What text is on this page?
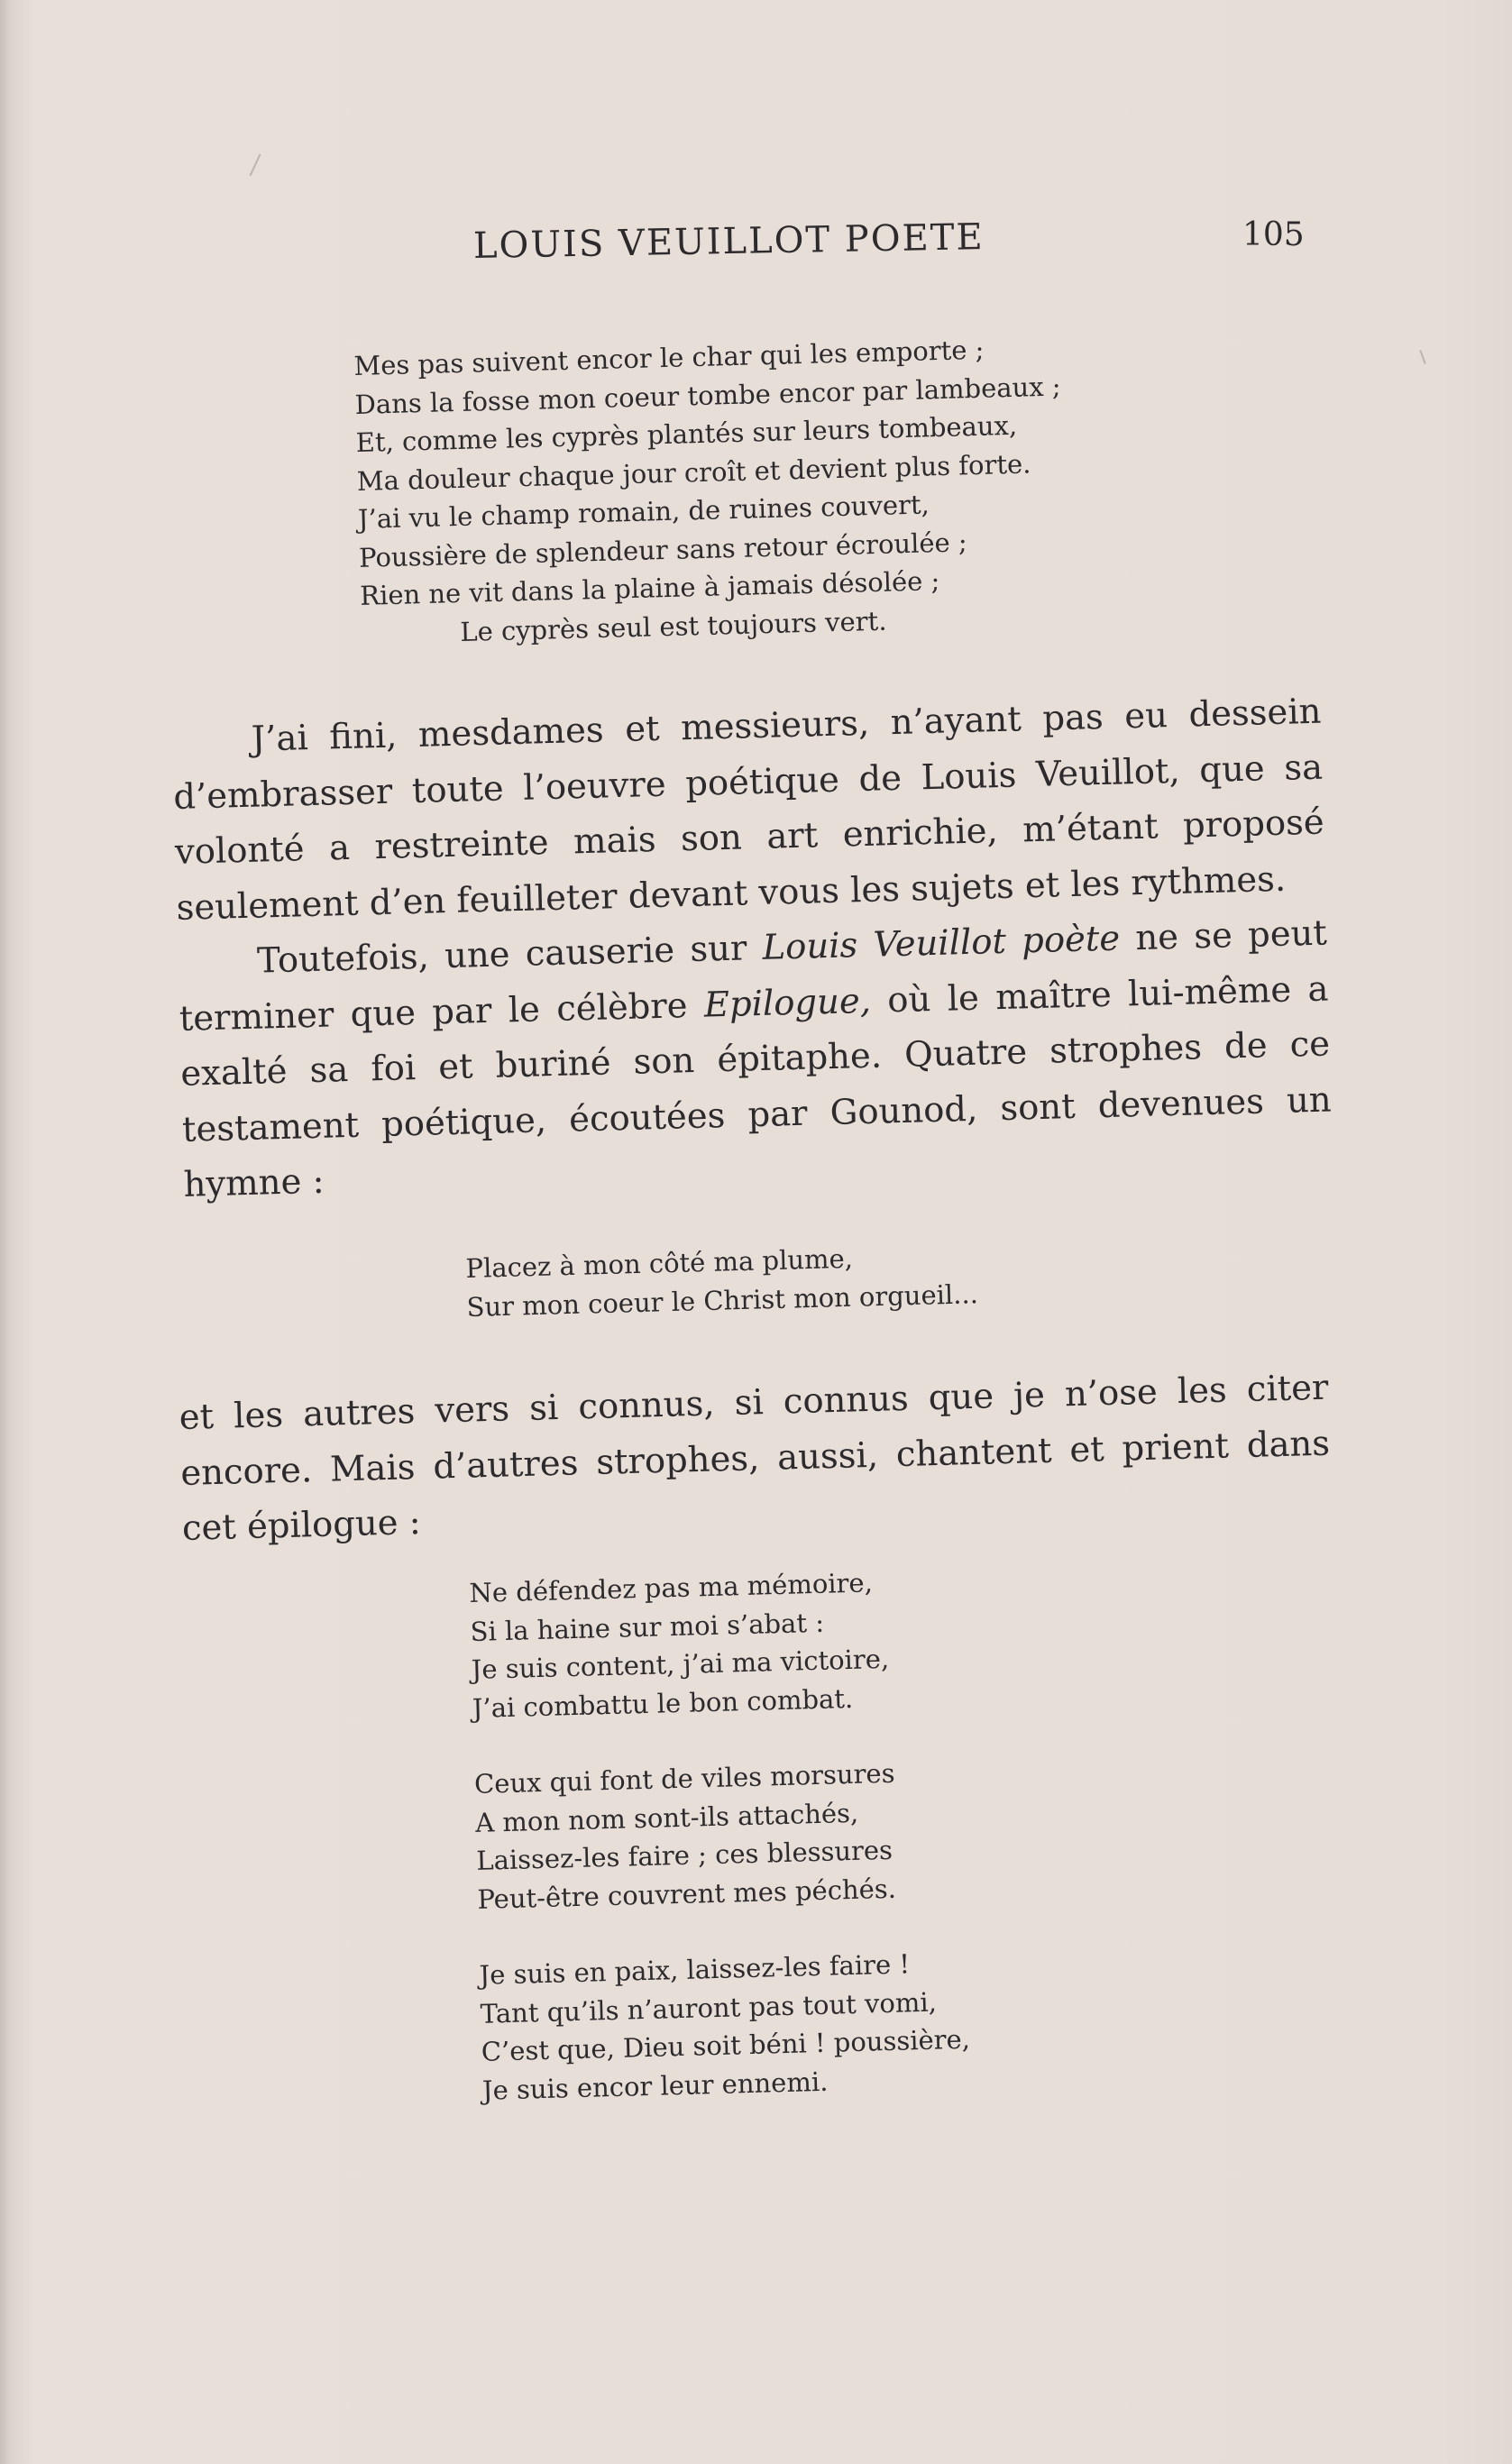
LOUIS VEUILLOT POETE	105
Mes pas suivent encor le char qui les emporte ;
Dans la fosse mon coeur tombe encor par lambeaux ;
Et, comme les cyprès plantés sur leurs tombeaux,
Ma douleur chaque jour croît et devient plus forte.
J’ai vu le champ romain, de ruines couvert,
Poussière de splendeur sans retour écroulée ;
Rien ne vit dans la plaine à jamais désolée ;
Le cyprès seul est toujours vert.

J’ai fini, mesdames et messieurs, n’ayant pas eu dessein d’embrasser toute l’oeuvre poétique de Louis Veuillot, que sa volonté a restreinte mais son art enrichie, m’étant proposé seulement d’en feuilleter devant vous les sujets et les rythmes.

Toutefois, une causerie sur Louis Veuillot poète ne se peut terminer que par le célèbre Epilogue, où le maître lui-même a exalté sa foi et buriné son épitaphe. Quatre strophes de ce testament poétique, écoutées par Gounod, sont devenues un hymne :

Placez à mon côté ma plume,
Sur mon coeur le Christ mon orgueil...

et les autres vers si connus, si connus que je n’ose les citer encore. Mais d’autres strophes, aussi, chantent et prient dans cet épilogue :

Ne défendez pas ma mémoire,
Si la haine sur moi s’abat :
Je suis content, j’ai ma victoire,
J’ai combattu le bon combat.
Ceux qui font de viles morsures
A mon nom sont-ils attachés,
Laissez-les faire ; ces blessures
Peut-être couvrent mes péchés.
Je suis en paix, laissez-les faire !
Tant qu’ils n’auront pas tout vomi,
C’est que, Dieu soit béni ! poussière,
Je suis encor leur ennemi.
